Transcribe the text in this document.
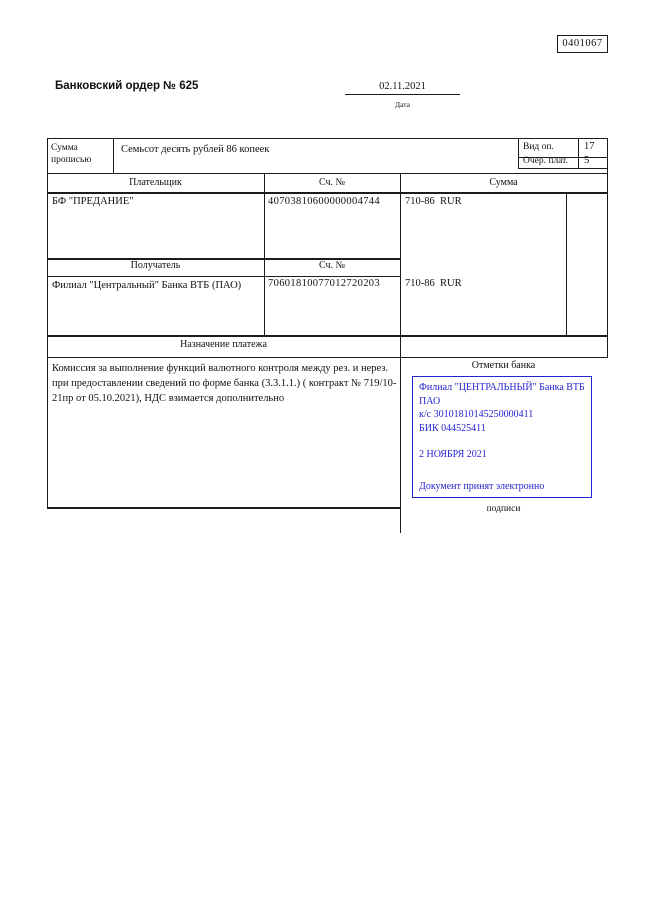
0401067
Банковский ордер № 625	02.11.2021
Дата
Сумма прописью
Семьсот десять рублей 86 копеек	Вид оп.	17
Очер. плат. 5
Плательщик	Сч. №	Сумма
БФ "ПРЕДАНИЕ"	40703810600000004744 710-86  RUR
Получатель	Сч. №
Филиал "Центральный" Банка ВТБ (ПАО)	70601810077012720203 710-86  RUR
Назначение платежа
Комиссия за выполнение функций валютного контроля между рез. и нерез. при предоставлении сведений по форме банка (3.3.1.1.) ( контракт № 719/10-21пр от 05.10.2021), НДС взимается дополнительно
Отметки банка
Филиал "ЦЕНТРАЛЬНЫЙ" Банка ВТБ ПАО
к/с 30101810145250000411
БИК 044525411
2 НОЯБРЯ 2021
Документ принят электронно
подписи
